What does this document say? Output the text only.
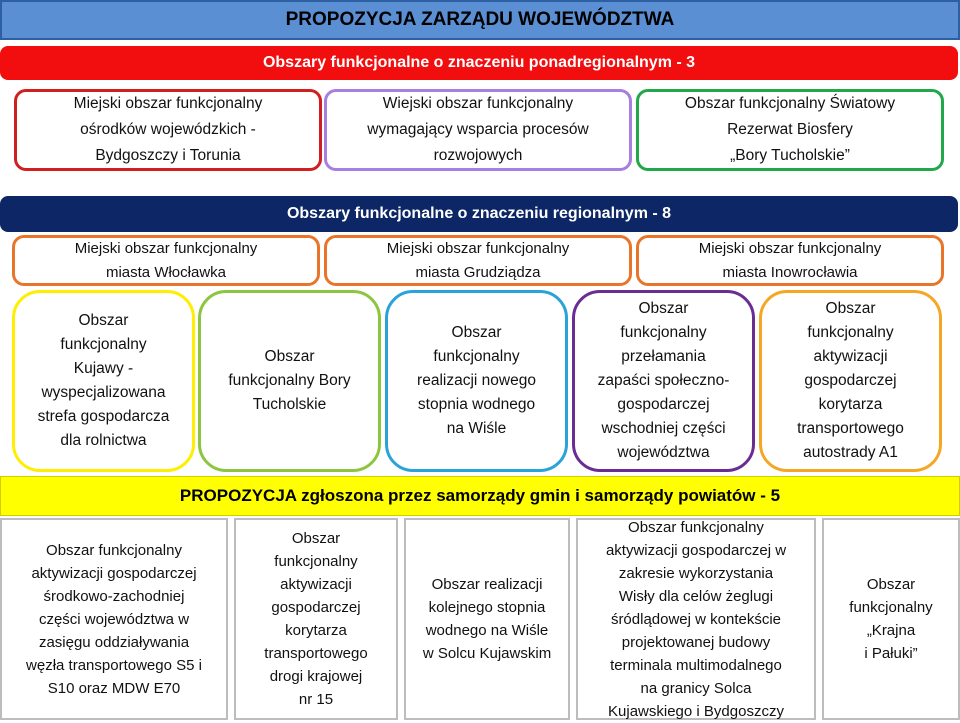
PROPOZYCJA ZARZĄDU WOJEWÓDZTWA
Obszary funkcjonalne o znaczeniu ponadregionalnym - 3
Miejski obszar funkcjonalny
ośrodków wojewódzkich -
Bydgoszczy i Torunia
Wiejski obszar funkcjonalny
wymagający wsparcia procesów
rozwojowych
Obszar funkcjonalny Światowy
Rezerwat Biosfery
„Bory Tucholskie”
Obszary funkcjonalne o znaczeniu regionalnym - 8
Miejski obszar funkcjonalny
miasta Włocławka
Miejski obszar funkcjonalny
miasta Grudziądza
Miejski obszar funkcjonalny
miasta Inowrocławia
Obszar
funkcjonalny
Kujawy -
wyspecjalizowana
strefa gospodarcza
dla rolnictwa
Obszar
funkcjonalny Bory
Tucholskie
Obszar
funkcjonalny
realizacji nowego
stopnia wodnego
na Wiśle
Obszar
funkcjonalny
przełamania
zapaści społeczno-
gospodarczej
wschodniej części
województwa
Obszar
funkcjonalny
aktywizacji
gospodarczej
korytarza
transportowego
autostrady A1
PROPOZYCJA zgłoszona przez samorządy gmin i samorządy powiatów - 5
Obszar funkcjonalny
aktywizacji gospodarczej
środkowo-zachodniej
części województwa w
zasięgu oddziaływania
węzła transportowego S5 i
S10 oraz MDW E70
Obszar
funkcjonalny
aktywizacji
gospodarczej
korytarza
transportowego
drogi krajowej
nr 15
Obszar realizacji
kolejnego stopnia
wodnego na Wiśle
w Solcu Kujawskim
Obszar funkcjonalny
aktywizacji gospodarczej w
zakresie wykorzystania
Wisły dla celów żeglugi
śródlądowej w kontekście
projektowanej budowy
terminala multimodalnego
na granicy Solca
Kujawskiego i Bydgoszczy
Obszar
funkcjonalny
„Krajna
i Pałuki”
